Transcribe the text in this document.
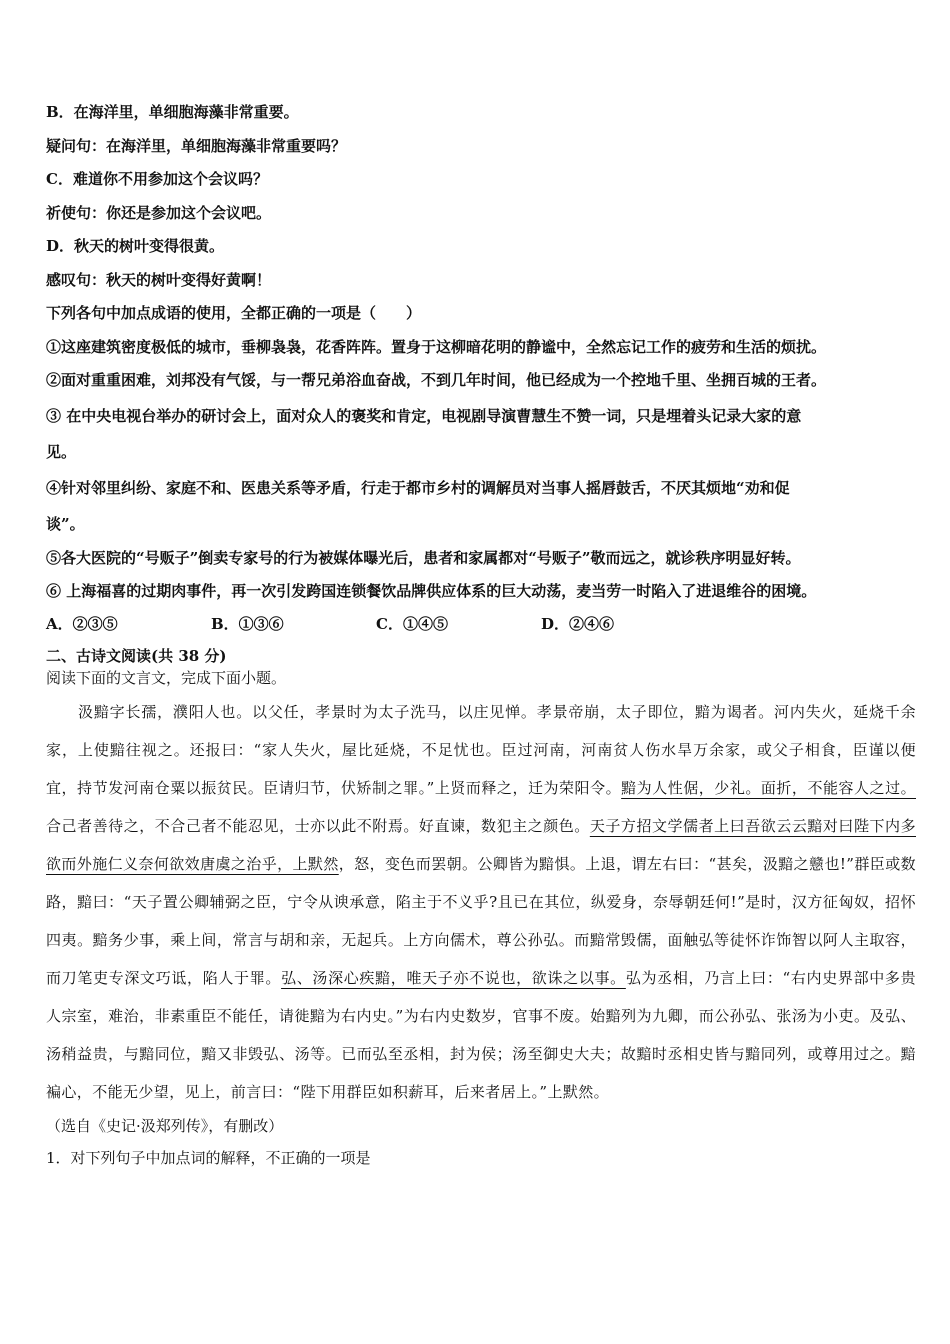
B．在海洋里，单细胞海藻非常重要。

疑问句：在海洋里，单细胞海藻非常重要吗？

C．难道你不用参加这个会议吗？

祈使句：你还是参加这个会议吧。

D．秋天的树叶变得很黄。

感叹句：秋天的树叶变得好黄啊！

下列各句中加点成语的使用，全都正确的一项是（　　）

①这座建筑密度极低的城市，垂柳袅袅，花香阵阵。置身于这柳暗花明的静谧中，全然忘记工作的疲劳和生活的烦扰。

②面对重重困难，刘邦没有气馁，与一帮兄弟浴血奋战，不到几年时间，他已经成为一个控地千里、坐拥百城的王者。

③ 在中央电视台举办的研讨会上，面对众人的褒奖和肯定，电视剧导演曹慧生不赞一词，只是埋着头记录大家的意

见。

④针对邻里纠纷、家庭不和、医患关系等矛盾，行走于都市乡村的调解员对当事人摇唇鼓舌，不厌其烦地“劝和促

谈”。

⑤各大医院的“号贩子”倒卖专家号的行为被媒体曝光后，患者和家属都对“号贩子”敬而远之，就诊秩序明显好转。

⑥ 上海福喜的过期肉事件，再一次引发跨国连锁餐饮品牌供应体系的巨大动荡，麦当劳一时陷入了进退维谷的困境。

A．②③⑤	B．①③⑥	C．①④⑤	D．②④⑥

二、古诗文阅读(共 38 分)

阅读下面的文言文，完成下面小题。

汲黯字长孺，濮阳人也。以父任，孝景时为太子洗马，以庄见惮。孝景帝崩，太子即位，黯为谒者。河内失火，延烧千余家，上使黯往视之。还报曰：“家人失火，屋比延烧，不足忧也。臣过河南，河南贫人伤水旱万余家，或父子相食，臣谨以便宜，持节发河南仓粟以振贫民。臣请归节，伏矫制之罪。”上贤而释之，迁为荣阳令。黯为人性倨，少礼。面折，不能容人之过。合己者善待之，不合己者不能忍见，士亦以此不附焉。好直谏，数犯主之颜色。天子方招文学儒者上曰吾欲云云黯对曰陛下内多欲而外施仁义奈何欲效唐虞之治乎，上默然，怒，变色而罢朝。公卿皆为黯惧。上退，谓左右曰：“甚矣，汲黯之戆也!”群臣或数路，黯曰：“天子置公卿辅弼之臣，宁令从谀承意，陷主于不义乎?且已在其位，纵爱身，奈辱朝廷何!”是时，汉方征匈奴，招怀四夷。黯务少事，乘上间，常言与胡和亲，无起兵。上方向儒术，尊公孙弘。而黯常毁儒，面触弘等徒怀诈饰智以阿人主取容，而刀笔吏专深文巧诋，陷人于罪。弘、汤深心疾黯，唯天子亦不说也，欲诛之以事。弘为丞相，乃言上曰：“右内史界部中多贵人宗室，难治，非素重臣不能任，请徙黯为右内史。”为右内史数岁，官事不废。始黯列为九卿，而公孙弘、张汤为小吏。及弘、汤稍益贵，与黯同位，黯又非毁弘、汤等。已而弘至丞相，封为侯；汤至御史大夫；故黯时丞相史皆与黯同列，或尊用过之。黯褊心，不能无少望，见上，前言曰：“陛下用群臣如积薪耳，后来者居上。”上默然。

（选自《史记·汲郑列传》，有删改）

1．对下列句子中加点词的解释，不正确的一项是
